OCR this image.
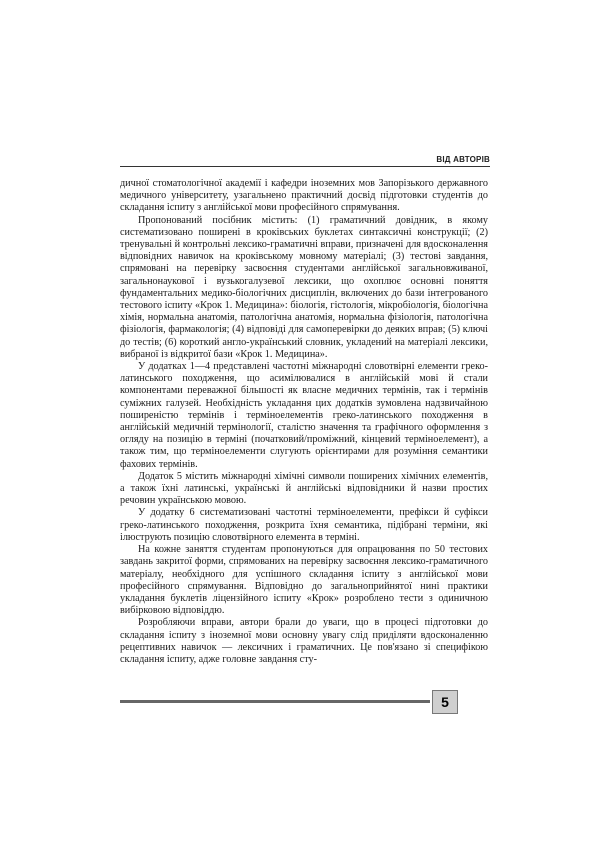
ВІД АВТОРІВ

дичної стоматологічної академії і кафедри іноземних мов Запорізького державного медичного університету, узагальнено практичний досвід підготовки студентів до складання іспиту з англійської мови професійного спрямування.

Пропонований посібник містить: (1) граматичний довідник, в якому систематизовано поширені в кроківських буклетах синтаксичні конструкції; (2) тренувальні й контрольні лексико-граматичні вправи, призначені для вдосконалення відповідних навичок на кроківському мовному матеріалі; (3) тестові завдання, спрямовані на перевірку засвоєння студентами англійської загальновживаної, загальнонаукової і вузькогалузевої лексики, що охоплює основні поняття фундаментальних медико-біологічних дисциплін, включених до бази інтегрованого тестового іспиту «Крок 1. Медицина»: біологія, гістологія, мікробіологія, біологічна хімія, нормальна анатомія, патологічна анатомія, нормальна фізіологія, патологічна фізіологія, фармакологія; (4) відповіді для самоперевірки до деяких вправ; (5) ключі до тестів; (6) короткий англо-український словник, укладений на матеріалі лексики, вибраної із відкритої бази «Крок 1. Медицина».

У додатках 1—4 представлені частотні міжнародні словотвірні елементи греко-латинського походження, що асимілювалися в англійській мові й стали компонентами переважної більшості як власне медичних термінів, так і термінів суміжних галузей. Необхідність укладання цих додатків зумовлена надзвичайною поширеністю термінів і терміноелементів греко-латинського походження в англійській медичній термінології, сталістю значення та графічного оформлення з огляду на позицію в терміні (початковий/проміжний, кінцевий терміноелемент), а також тим, що терміноелементи слугують орієнтирами для розуміння семантики фахових термінів.

Додаток 5 містить міжнародні хімічні символи поширених хімічних елементів, а також їхні латинські, українські й англійські відповідники й назви простих речовин українською мовою.

У додатку 6 систематизовані частотні терміноелементи, префікси й суфікси греко-латинського походження, розкрита їхня семантика, підібрані терміни, які ілюструють позицію словотвірного елемента в терміні.

На кожне заняття студентам пропонуються для опрацювання по 50 тестових завдань закритої форми, спрямованих на перевірку засвоєння лексико-граматичного матеріалу, необхідного для успішного складання іспиту з англійської мови професійного спрямування. Відповідно до загальноприйнятої нині практики укладання буклетів ліцензійного іспиту «Крок» розроблено тести з одиничною вибірковою відповіддю.

Розробляючи вправи, автори брали до уваги, що в процесі підготовки до складання іспиту з іноземної мови основну увагу слід приділяти вдосконаленню рецептивних навичок — лексичних і граматичних. Це пов'язано зі специфікою складання іспиту, адже головне завдання сту-

5
